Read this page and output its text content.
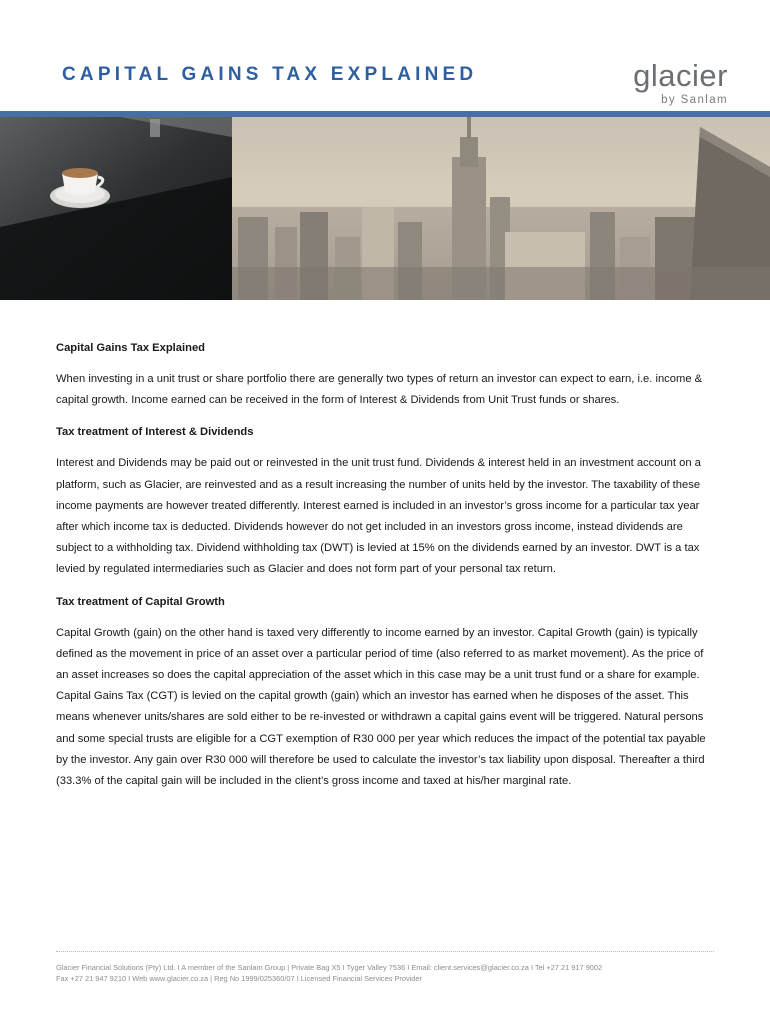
CAPITAL GAINS TAX EXPLAINED	glacier
by Sanlam
Capital Gains Tax Explained

When investing in a unit trust or share portfolio there are generally two types of return an investor can expect to earn, i.e. income & capital growth. Income earned can be received in the form of Interest & Dividends from Unit Trust funds or shares.

Tax treatment of Interest & Dividends

Interest and Dividends may be paid out or reinvested in the unit trust fund. Dividends & interest held in an investment account on a platform, such as Glacier, are reinvested and as a result increasing the number of units held by the investor. The taxability of these income payments are however treated differently. Interest earned is included in an investor’s gross income for a particular tax year after which income tax is deducted. Dividends however do not get included in an investors gross income, instead dividends are subject to a withholding tax. Dividend withholding tax (DWT) is levied at 15% on the dividends earned by an investor. DWT is a tax levied by regulated intermediaries such as Glacier and does not form part of your personal tax return.

Tax treatment of Capital Growth

Capital Growth (gain) on the other hand is taxed very differently to income earned by an investor. Capital Growth (gain) is typically defined as the movement in price of an asset over a particular period of time (also referred to as market movement). As the price of an asset increases so does the capital appreciation of the asset which in this case may be a unit trust fund or a share for example. Capital Gains Tax (CGT) is levied on the capital growth (gain) which an investor has earned when he disposes of the asset. This means whenever units/shares are sold either to be re-invested or withdrawn a capital gains event will be triggered. Natural persons and some special trusts are eligible for a CGT exemption of R30 000 per year which reduces the impact of the potential tax payable by the investor. Any gain over R30 000 will therefore be used to calculate the investor’s tax liability upon disposal. Thereafter a third (33.3% of the capital gain will be included in the client’s gross income and taxed at his/her marginal rate.

Glacier Financial Solutions (Pty) Ltd. I A member of the Sanlam Group | Private Bag X5 I Tyger Valley 7536 I Email: client.services@glacier.co.za I Tel +27 21 917 9002
Fax +27 21 947 9210 I Web www.glacier.co.za | Reg No 1999/025360/07 I Licensed Financial Services Provider
